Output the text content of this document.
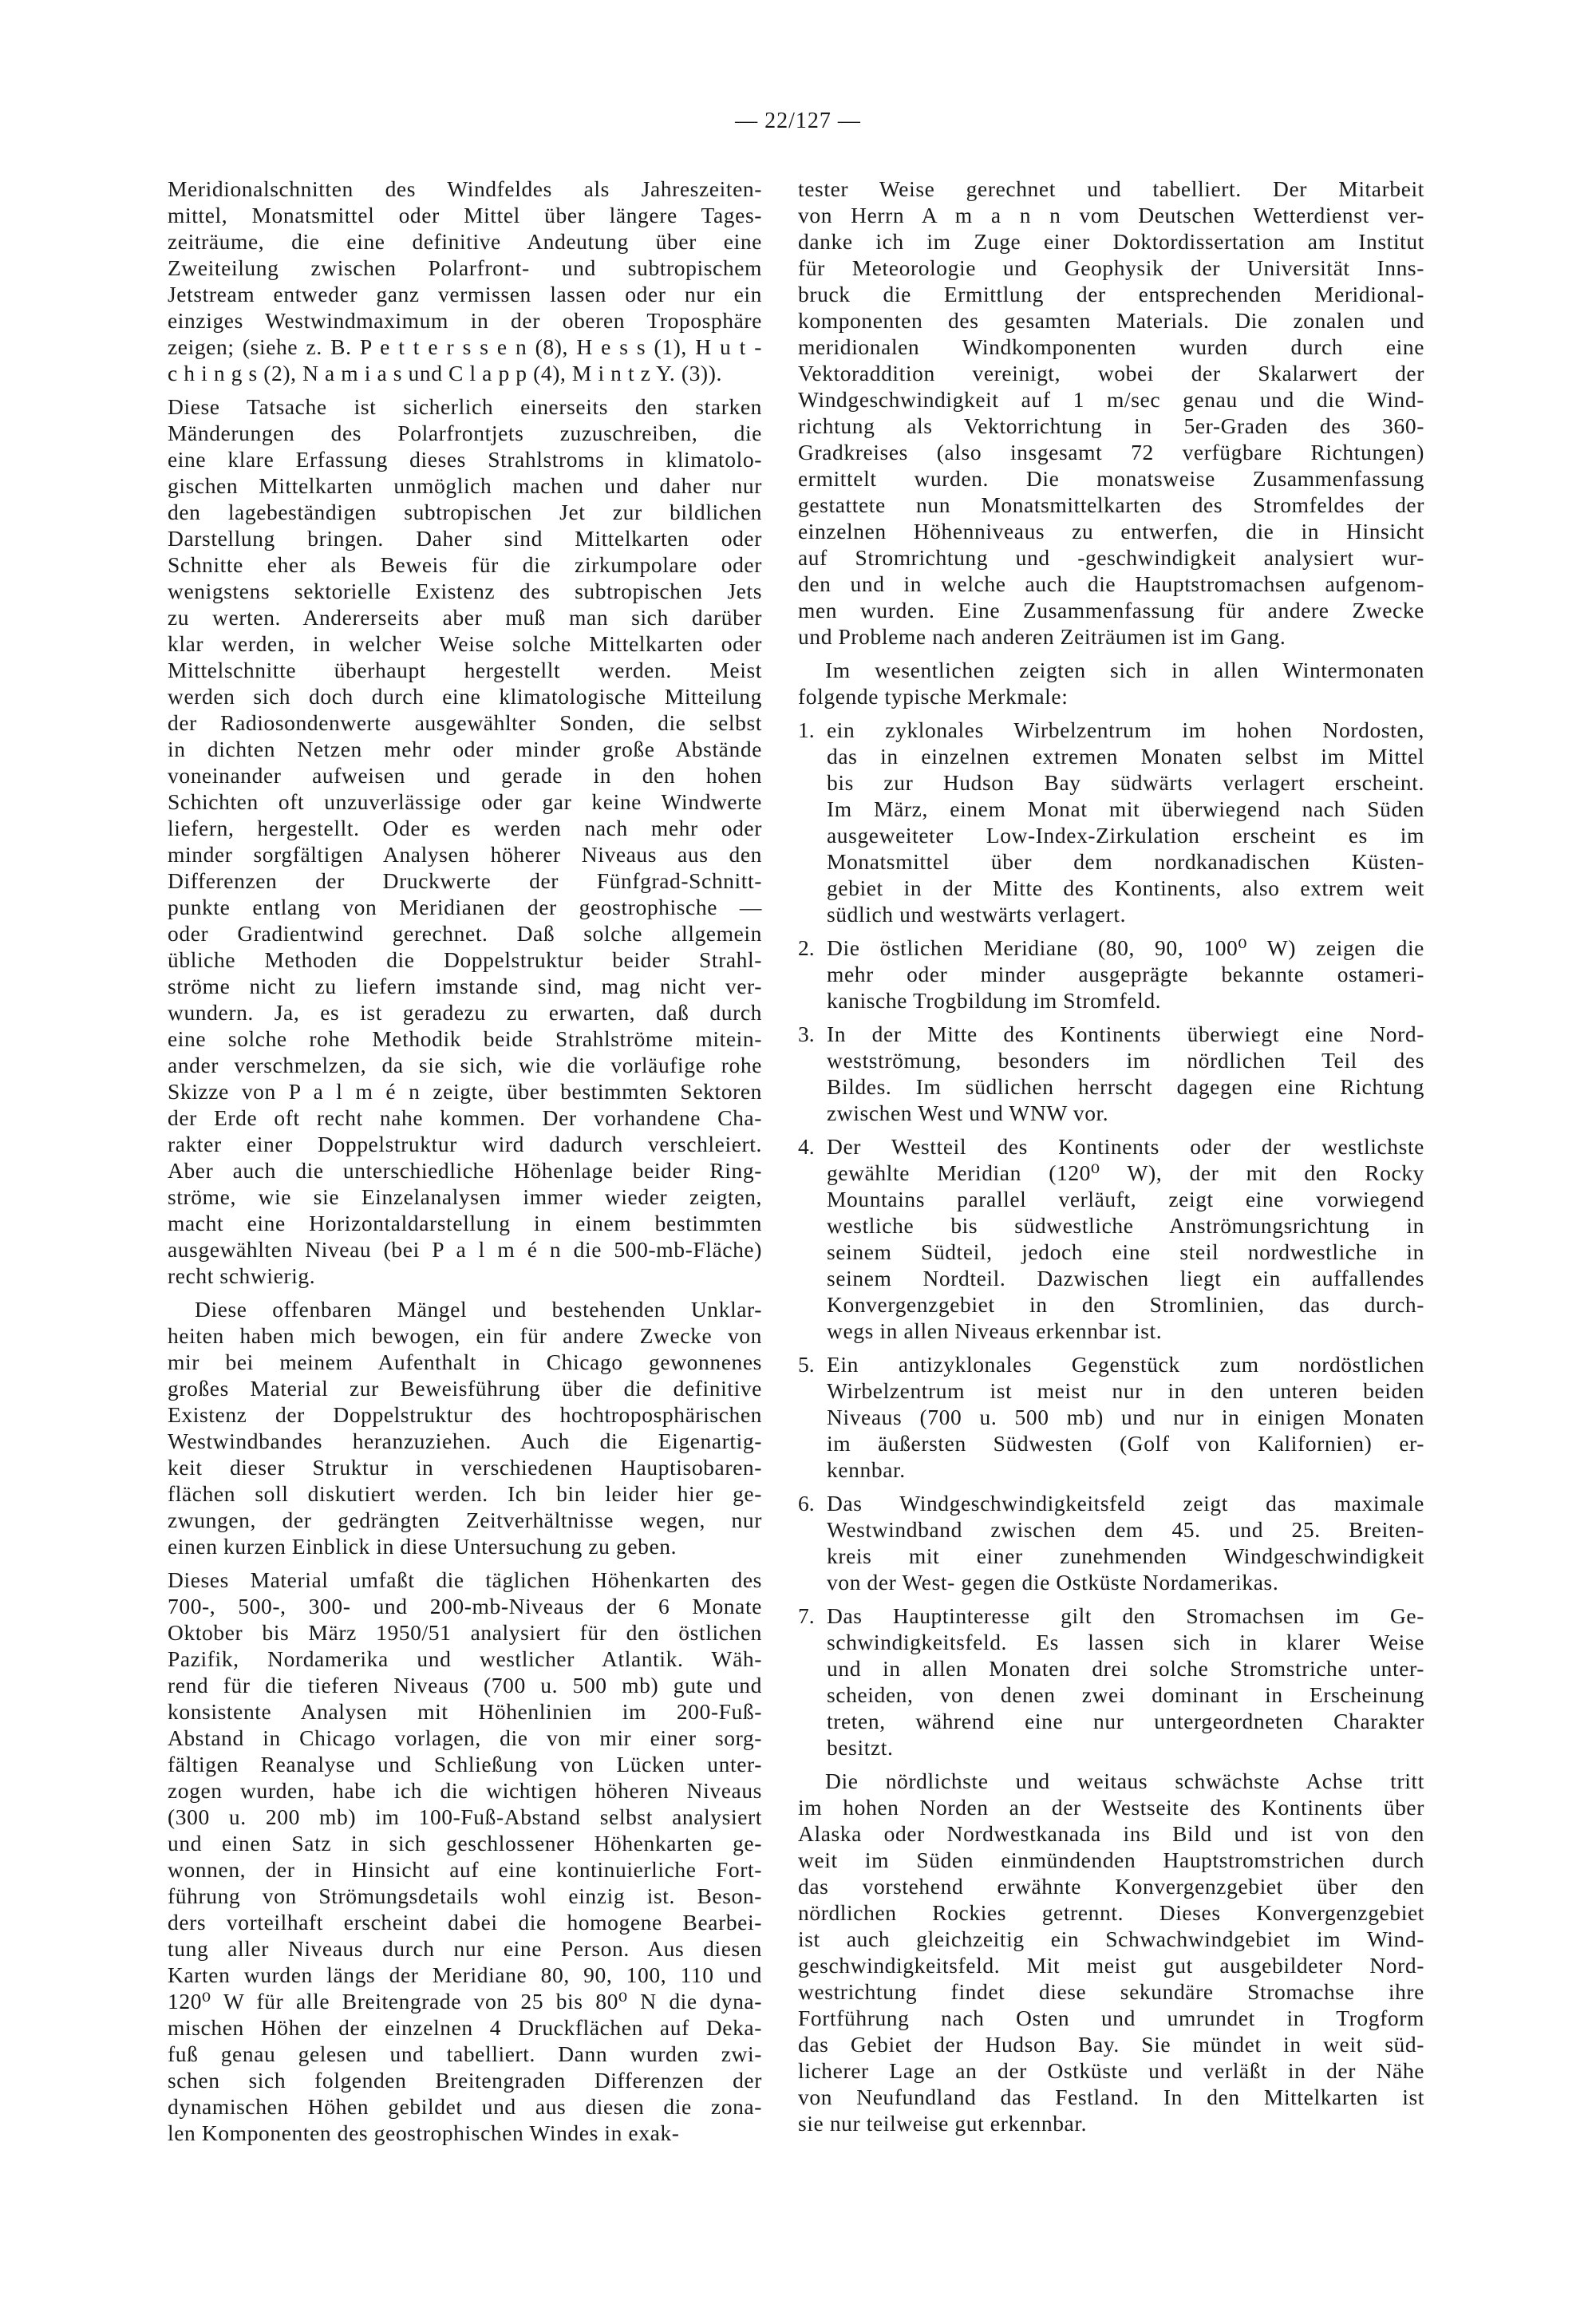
— 22/127 —
Meridionalschnitten des Windfeldes als Jahreszeiten-
mittel, Monatsmittel oder Mittel über längere Tages-
zeiträume, die eine definitive Andeutung über eine
Zweiteilung zwischen Polarfront- und subtropischem
Jetstream entweder ganz vermissen lassen oder nur ein
einziges Westwindmaximum in der oberen Troposphäre
zeigen; (siehe z. B. P e t t e r s s e n (8), H e s s (1), H u t -
c h i n g s (2), N a m i a s und C l a p p (4), M i n t z Y. (3)).
Diese Tatsache ist sicherlich einerseits den starken
Mänderungen des Polarfrontjets zuzuschreiben, die
eine klare Erfassung dieses Strahlstroms in klimatolo-
gischen Mittelkarten unmöglich machen und daher nur
den lagebeständigen subtropischen Jet zur bildlichen
Darstellung bringen. Daher sind Mittelkarten oder
Schnitte eher als Beweis für die zirkumpolare oder
wenigstens sektorielle Existenz des subtropischen Jets
zu werten. Andererseits aber muß man sich darüber
klar werden, in welcher Weise solche Mittelkarten oder
Mittelschnitte überhaupt hergestellt werden. Meist
werden sich doch durch eine klimatologische Mitteilung
der Radiosondenwerte ausgewählter Sonden, die selbst
in dichten Netzen mehr oder minder große Abstände
voneinander aufweisen und gerade in den hohen
Schichten oft unzuverlässige oder gar keine Windwerte
liefern, hergestellt. Oder es werden nach mehr oder
minder sorgfältigen Analysen höherer Niveaus aus den
Differenzen der Druckwerte der Fünfgrad-Schnitt-
punkte entlang von Meridianen der geostrophische —
oder Gradientwind gerechnet. Daß solche allgemein
übliche Methoden die Doppelstruktur beider Strahl-
ströme nicht zu liefern imstande sind, mag nicht ver-
wundern. Ja, es ist geradezu zu erwarten, daß durch
eine solche rohe Methodik beide Strahlströme mitein-
ander verschmelzen, da sie sich, wie die vorläufige rohe
Skizze von P a l m é n zeigte, über bestimmten Sektoren
der Erde oft recht nahe kommen. Der vorhandene Cha-
rakter einer Doppelstruktur wird dadurch verschleiert.
Aber auch die unterschiedliche Höhenlage beider Ring-
ströme, wie sie Einzelanalysen immer wieder zeigten,
macht eine Horizontaldarstellung in einem bestimmten
ausgewählten Niveau (bei P a l m é n die 500-mb-Fläche)
recht schwierig.
Diese offenbaren Mängel und bestehenden Unklar-
heiten haben mich bewogen, ein für andere Zwecke von
mir bei meinem Aufenthalt in Chicago gewonnenes
großes Material zur Beweisführung über die definitive
Existenz der Doppelstruktur des hochtroposphärischen
Westwindbandes heranzuziehen. Auch die Eigenartig-
keit dieser Struktur in verschiedenen Hauptisobaren-
flächen soll diskutiert werden. Ich bin leider hier ge-
zwungen, der gedrängten Zeitverhältnisse wegen, nur
einen kurzen Einblick in diese Untersuchung zu geben.
Dieses Material umfaßt die täglichen Höhenkarten des
700-, 500-, 300- und 200-mb-Niveaus der 6 Monate
Oktober bis März 1950/51 analysiert für den östlichen
Pazifik, Nordamerika und westlicher Atlantik. Wäh-
rend für die tieferen Niveaus (700 u. 500 mb) gute und
konsistente Analysen mit Höhenlinien im 200-Fuß-
Abstand in Chicago vorlagen, die von mir einer sorg-
fältigen Reanalyse und Schließung von Lücken unter-
zogen wurden, habe ich die wichtigen höheren Niveaus
(300 u. 200 mb) im 100-Fuß-Abstand selbst analysiert
und einen Satz in sich geschlossener Höhenkarten ge-
wonnen, der in Hinsicht auf eine kontinuierliche Fort-
führung von Strömungsdetails wohl einzig ist. Beson-
ders vorteilhaft erscheint dabei die homogene Bearbei-
tung aller Niveaus durch nur eine Person. Aus diesen
Karten wurden längs der Meridiane 80, 90, 100, 110 und
120⁰ W für alle Breitengrade von 25 bis 80⁰ N die dyna-
mischen Höhen der einzelnen 4 Druckflächen auf Deka-
fuß genau gelesen und tabelliert. Dann wurden zwi-
schen sich folgenden Breitengraden Differenzen der
dynamischen Höhen gebildet und aus diesen die zona-
len Komponenten des geostrophischen Windes in exak-
tester Weise gerechnet und tabelliert. Der Mitarbeit
von Herrn A m a n n vom Deutschen Wetterdienst ver-
danke ich im Zuge einer Doktordissertation am Institut
für Meteorologie und Geophysik der Universität Inns-
bruck die Ermittlung der entsprechenden Meridional-
komponenten des gesamten Materials. Die zonalen und
meridionalen Windkomponenten wurden durch eine
Vektoraddition vereinigt, wobei der Skalarwert der
Windgeschwindigkeit auf 1 m/sec genau und die Wind-
richtung als Vektorrichtung in 5er-Graden des 360-
Gradkreises (also insgesamt 72 verfügbare Richtungen)
ermittelt wurden. Die monatsweise Zusammenfassung
gestattete nun Monatsmittelkarten des Stromfeldes der
einzelnen Höhenniveaus zu entwerfen, die in Hinsicht
auf Stromrichtung und -geschwindigkeit analysiert wur-
den und in welche auch die Hauptstromachsen aufgenom-
men wurden. Eine Zusammenfassung für andere Zwecke
und Probleme nach anderen Zeiträumen ist im Gang.
Im wesentlichen zeigten sich in allen Wintermonaten
folgende typische Merkmale:
1. ein zyklonales Wirbelzentrum im hohen Nordosten,
das in einzelnen extremen Monaten selbst im Mittel
bis zur Hudson Bay südwärts verlagert erscheint.
Im März, einem Monat mit überwiegend nach Süden
ausgeweiteter Low-Index-Zirkulation erscheint es im
Monatsmittel über dem nordkanadischen Küsten-
gebiet in der Mitte des Kontinents, also extrem weit
südlich und westwärts verlagert.
2. Die östlichen Meridiane (80, 90, 100⁰ W) zeigen die
mehr oder minder ausgeprägte bekannte ostameri-
kanische Trogbildung im Stromfeld.
3. In der Mitte des Kontinents überwiegt eine Nord-
westströmung, besonders im nördlichen Teil des
Bildes. Im südlichen herrscht dagegen eine Richtung
zwischen West und WNW vor.
4. Der Westteil des Kontinents oder der westlichste
gewählte Meridian (120⁰ W), der mit den Rocky
Mountains parallel verläuft, zeigt eine vorwiegend
westliche bis südwestliche Anströmungsrichtung in
seinem Südteil, jedoch eine steil nordwestliche in
seinem Nordteil. Dazwischen liegt ein auffallendes
Konvergenzgebiet in den Stromlinien, das durch-
wegs in allen Niveaus erkennbar ist.
5. Ein antizyklonales Gegenstück zum nordöstlichen
Wirbelzentrum ist meist nur in den unteren beiden
Niveaus (700 u. 500 mb) und nur in einigen Monaten
im äußersten Südwesten (Golf von Kalifornien) er-
kennbar.
6. Das Windgeschwindigkeitsfeld zeigt das maximale
Westwindband zwischen dem 45. und 25. Breiten-
kreis mit einer zunehmenden Windgeschwindigkeit
von der West- gegen die Ostküste Nordamerikas.
7. Das Hauptinteresse gilt den Stromachsen im Ge-
schwindigkeitsfeld. Es lassen sich in klarer Weise
und in allen Monaten drei solche Stromstriche unter-
scheiden, von denen zwei dominant in Erscheinung
treten, während eine nur untergeordneten Charakter
besitzt.
Die nördlichste und weitaus schwächste Achse tritt
im hohen Norden an der Westseite des Kontinents über
Alaska oder Nordwestkanada ins Bild und ist von den
weit im Süden einmündenden Hauptstromstrichen durch
das vorstehend erwähnte Konvergenzgebiet über den
nördlichen Rockies getrennt. Dieses Konvergenzgebiet
ist auch gleichzeitig ein Schwachwindgebiet im Wind-
geschwindigkeitsfeld. Mit meist gut ausgebildeter Nord-
westrichtung findet diese sekundäre Stromachse ihre
Fortführung nach Osten und umrundet in Trogform
das Gebiet der Hudson Bay. Sie mündet in weit süd-
licherer Lage an der Ostküste und verläßt in der Nähe
von Neufundland das Festland. In den Mittelkarten ist
sie nur teilweise gut erkennbar.
